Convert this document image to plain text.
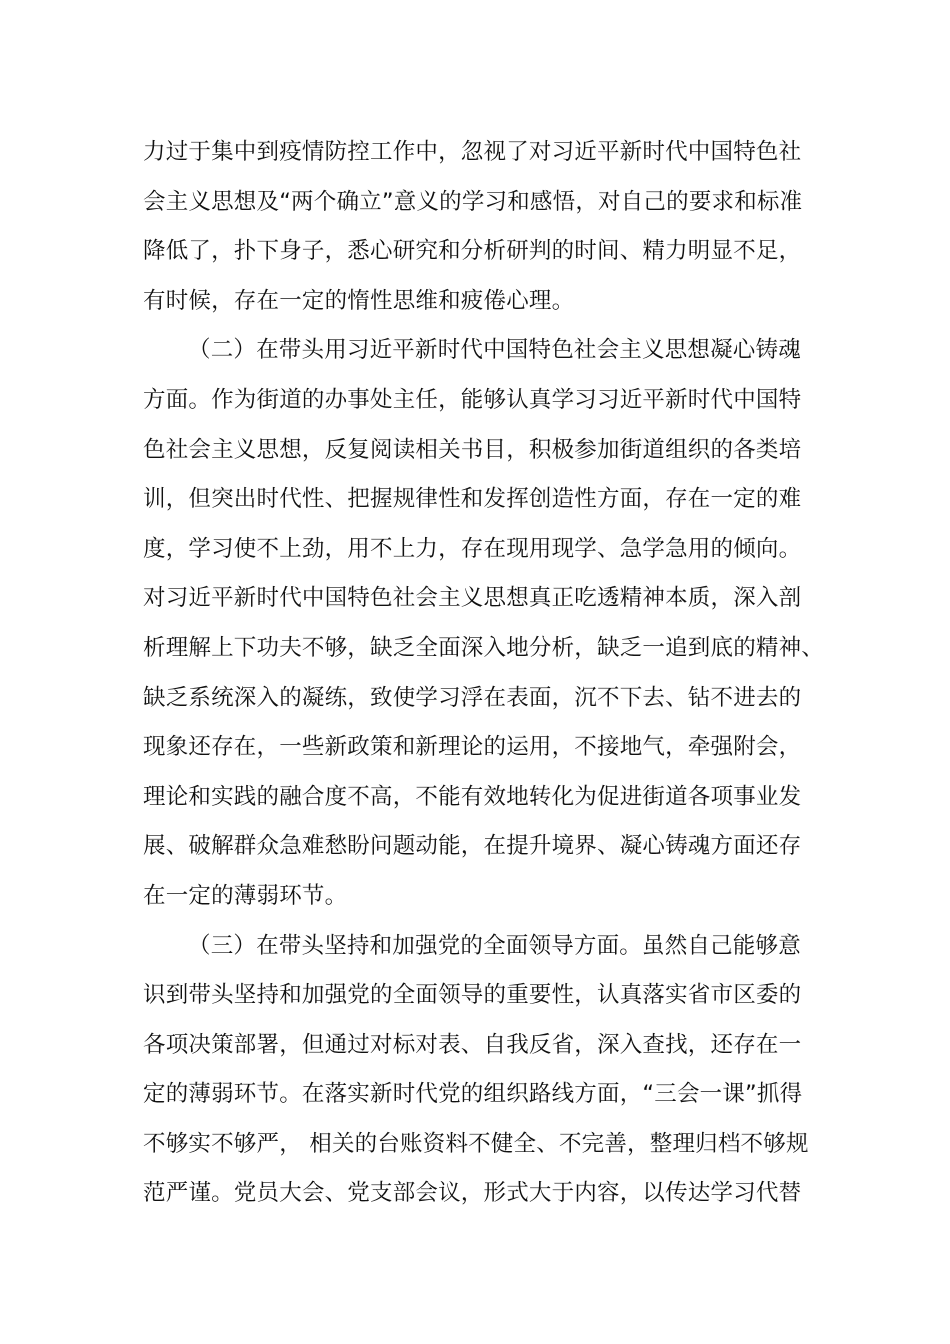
力过于集中到疫情防控工作中，忽视了对习近平新时代中国特色社
会主义思想及“两个确立”意义的学习和感悟，对自己的要求和标准
降低了，扑下身子，悉心研究和分析研判的时间、精力明显不足，
有时候，存在一定的惰性思维和疲倦心理。
（二）在带头用习近平新时代中国特色社会主义思想凝心铸魂
方面。作为街道的办事处主任，能够认真学习习近平新时代中国特
色社会主义思想，反复阅读相关书目，积极参加街道组织的各类培
训，但突出时代性、把握规律性和发挥创造性方面，存在一定的难
度，学习使不上劲，用不上力，存在现用现学、急学急用的倾向。
对习近平新时代中国特色社会主义思想真正吃透精神本质，深入剖
析理解上下功夫不够，缺乏全面深入地分析，缺乏一追到底的精神、
缺乏系统深入的凝练，致使学习浮在表面，沉不下去、钻不进去的
现象还存在，一些新政策和新理论的运用，不接地气，牵强附会，
理论和实践的融合度不高，不能有效地转化为促进街道各项事业发
展、破解群众急难愁盼问题动能，在提升境界、凝心铸魂方面还存
在一定的薄弱环节。
（三）在带头坚持和加强党的全面领导方面。虽然自己能够意
识到带头坚持和加强党的全面领导的重要性，认真落实省市区委的
各项决策部署，但通过对标对表、自我反省，深入查找，还存在一
定的薄弱环节。在落实新时代党的组织路线方面，“三会一课”抓得
不够实不够严， 相关的台账资料不健全、不完善，整理归档不够规
范严谨。党员大会、党支部会议，形式大于内容，以传达学习代替
